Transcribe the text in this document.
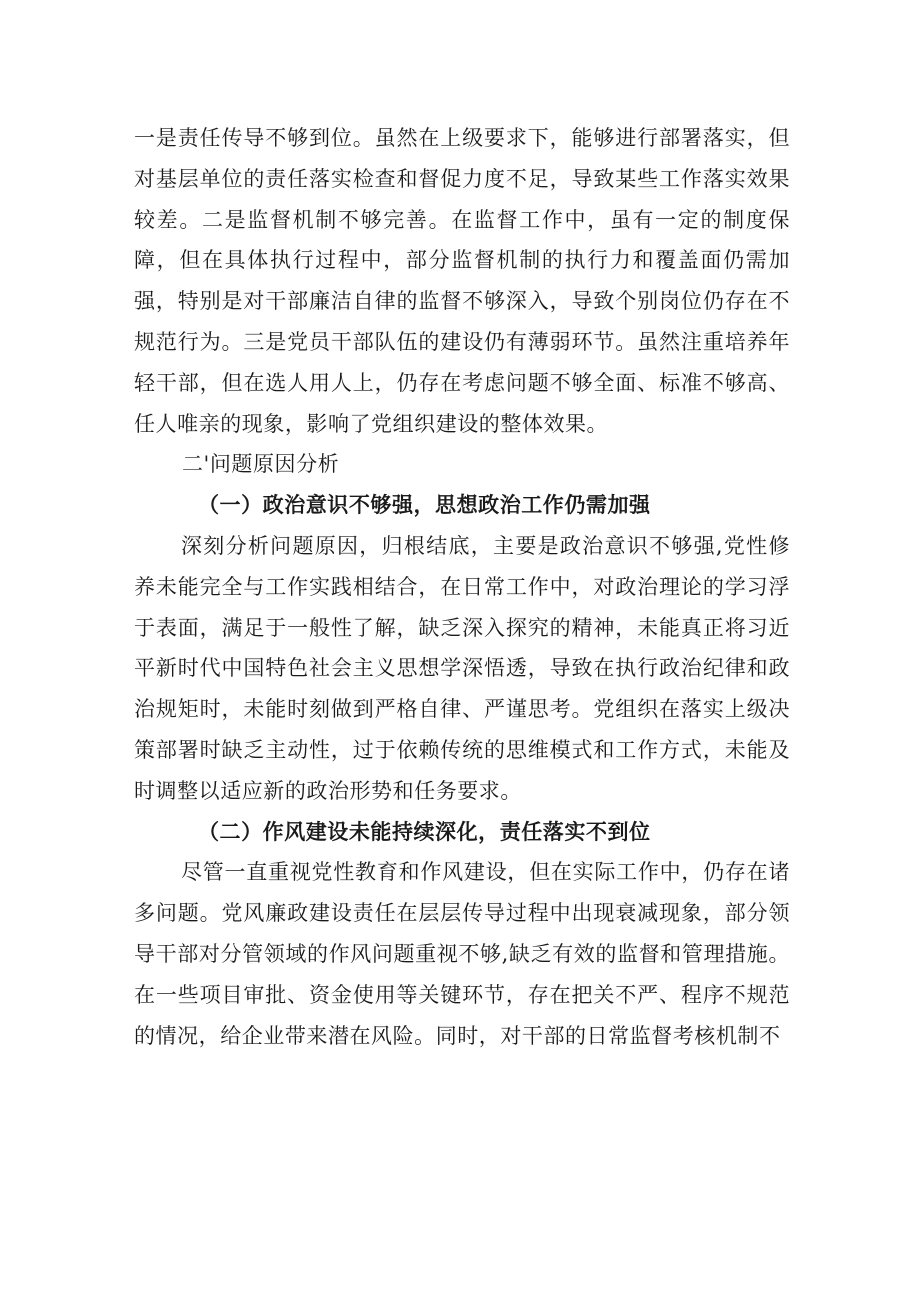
一是责任传导不够到位。虽然在上级要求下，能够进行部署落实，但对基层单位的责任落实检查和督促力度不足，导致某些工作落实效果较差。二是监督机制不够完善。在监督工作中，虽有一定的制度保障，但在具体执行过程中，部分监督机制的执行力和覆盖面仍需加强，特别是对干部廉洁自律的监督不够深入，导致个别岗位仍存在不规范行为。三是党员干部队伍的建设仍有薄弱环节。虽然注重培养年轻干部，但在选人用人上，仍存在考虑问题不够全面、标准不够高、任人唯亲的现象，影响了党组织建设的整体效果。

二'问题原因分析

（一）政治意识不够强，思想政治工作仍需加强

深刻分析问题原因，归根结底，主要是政治意识不够强,党性修养未能完全与工作实践相结合，在日常工作中，对政治理论的学习浮于表面，满足于一般性了解，缺乏深入探究的精神，未能真正将习近平新时代中国特色社会主义思想学深悟透，导致在执行政治纪律和政治规矩时，未能时刻做到严格自律、严谨思考。党组织在落实上级决策部署时缺乏主动性，过于依赖传统的思维模式和工作方式，未能及时调整以适应新的政治形势和任务要求。

（二）作风建设未能持续深化，责任落实不到位

尽管一直重视党性教育和作风建设，但在实际工作中，仍存在诸多问题。党风廉政建设责任在层层传导过程中出现衰减现象，部分领导干部对分管领域的作风问题重视不够,缺乏有效的监督和管理措施。在一些项目审批、资金使用等关键环节，存在把关不严、程序不规范的情况，给企业带来潜在风险。同时，对干部的日常监督考核机制不
